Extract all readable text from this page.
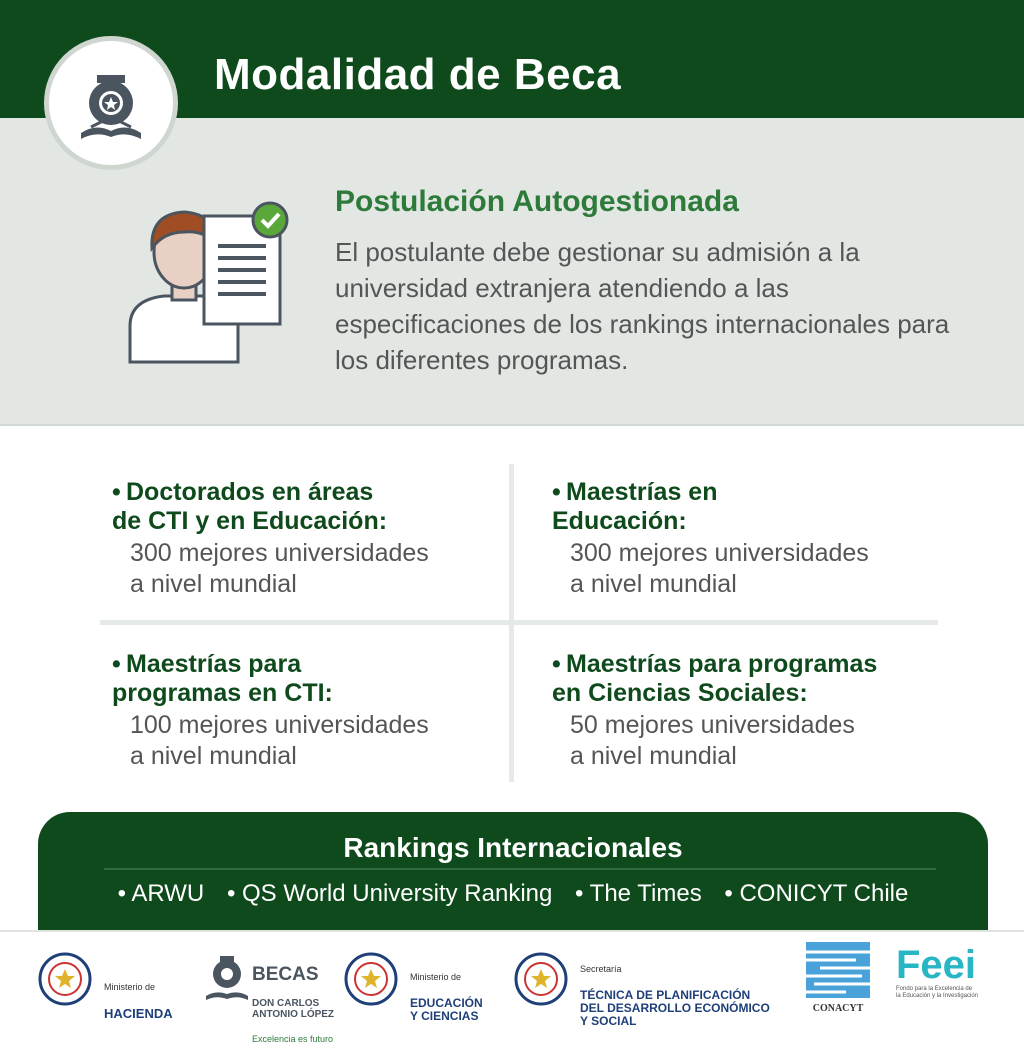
Modalidad de Beca
Postulación Autogestionada
El postulante debe gestionar su admisión a la universidad extranjera atendiendo a las especificaciones de los rankings internacionales para los diferentes programas.
• Doctorados en áreas
de CTI y en Educación:
300 mejores universidades
a nivel mundial
• Maestrías en
Educación:
300 mejores universidades
a nivel mundial
• Maestrías para
programas en CTI:
100 mejores universidades
a nivel mundial
• Maestrías para programas
en Ciencias Sociales:
50 mejores universidades
a nivel mundial
Rankings Internacionales
• ARWU • QS World University Ranking • The Times • CONICYT Chile

Ministerio de

HACIENDA

BECAS

DON CARLOS
ANTONIO LÓPEZ

Excelencia es futuro

Ministerio de

EDUCACIÓN
Y CIENCIAS

Secretaría

TÉCNICA DE PLANIFICACIÓN
DEL DESARROLLO ECONÓMICO
Y SOCIAL

CONACYT
Feei
Fondo para la Excelencia de
la Educación y la Investigación
